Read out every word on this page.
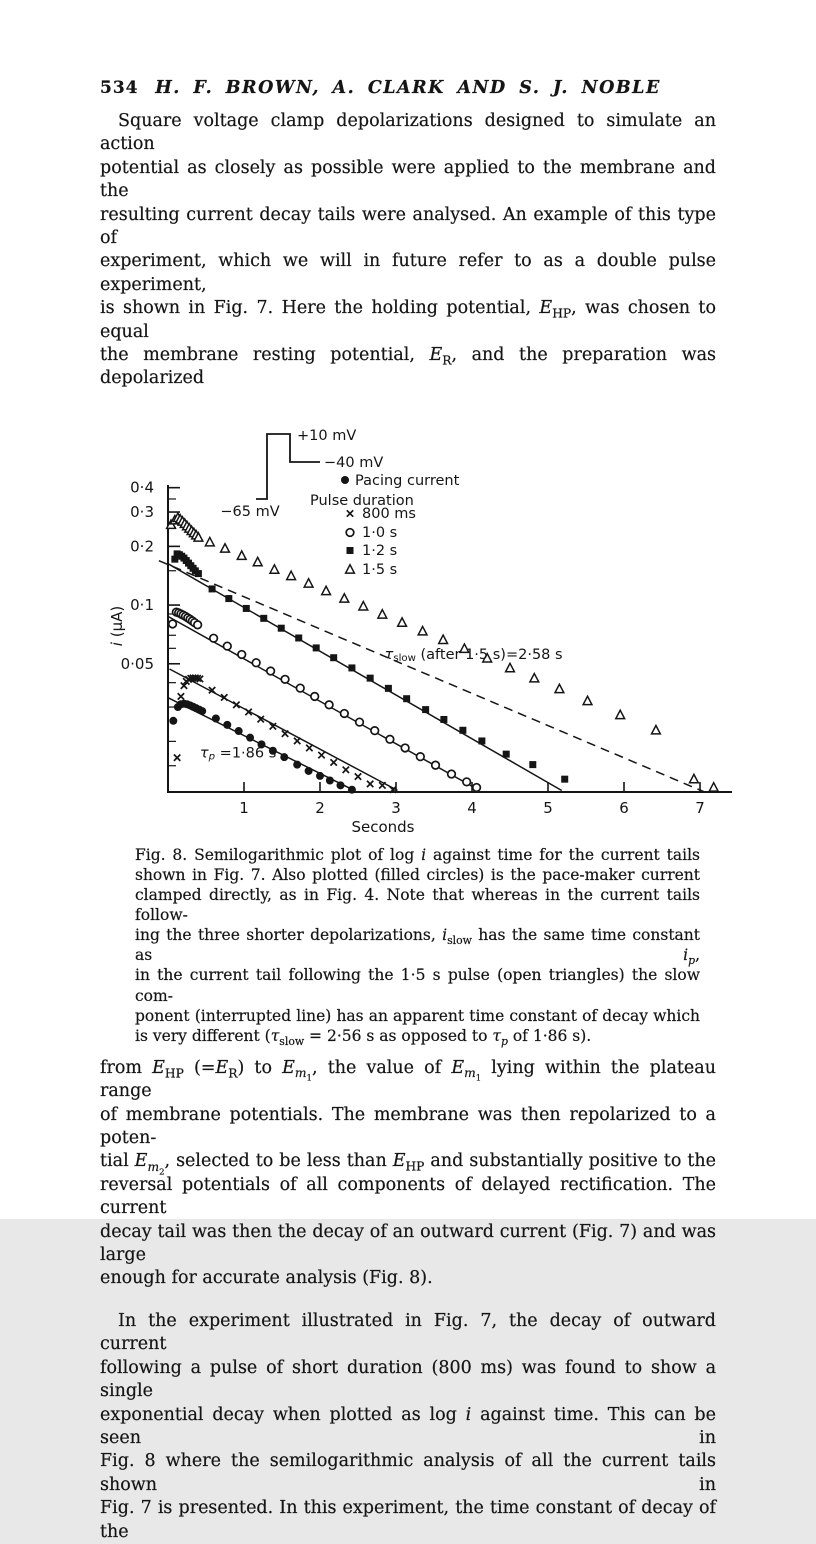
534 H. F. BROWN, A. CLARK AND S. J. NOBLE
Square voltage clamp depolarizations designed to simulate an action
potential as closely as possible were applied to the membrane and the
resulting current decay tails were analysed. An example of this type of
experiment, which we will in future refer to as a double pulse experiment,
is shown in Fig. 7. Here the holding potential, $E_{HP}$, was chosen to equal
the membrane resting potential, $E_R$, and the preparation was depolarized
+10 mV
−40 mV
−65 mV
Pacing current
Pulse duration
800 ms
1·0 s
1·2 s
1·5 s
1	2	3	4	5	6	7
0·4
0·3
0·2
0·1
0·05
Seconds
i (μA)
τslow (after 1·5 s)=2·58 s
τp =1·86 s
Fig. 8. Semilogarithmic plot of log i against time for the current tails
shown in Fig. 7. Also plotted (filled circles) is the pace-maker current
clamped directly, as in Fig. 4. Note that whereas in the current tails follow-
ing the three shorter depolarizations, $i_{slow}$ has the same time constant as $i_p$,
in the current tail following the 1·5 s pulse (open triangles) the slow com-
ponent (interrupted line) has an apparent time constant of decay which
is very different ($\tau_{slow} = 2\cdot 56$ s as opposed to $\tau_p$ of 1·86 s).
from $E_{HP}$ $(=E_R)$ to $E_{m_1}$, the value of $E_{m_1}$ lying within the plateau range
of membrane potentials. The membrane was then repolarized to a poten-
tial $E_{m_2}$, selected to be less than $E_{HP}$ and substantially positive to the
reversal potentials of all components of delayed rectification. The current
decay tail was then the decay of an outward current (Fig. 7) and was large
enough for accurate analysis (Fig. 8).
In the experiment illustrated in Fig. 7, the decay of outward current
following a pulse of short duration (800 ms) was found to show a single
exponential decay when plotted as log i against time. This can be seen in
Fig. 8 where the semilogarithmic analysis of all the current tails shown in
Fig. 7 is presented. In this experiment, the time constant of decay of the
